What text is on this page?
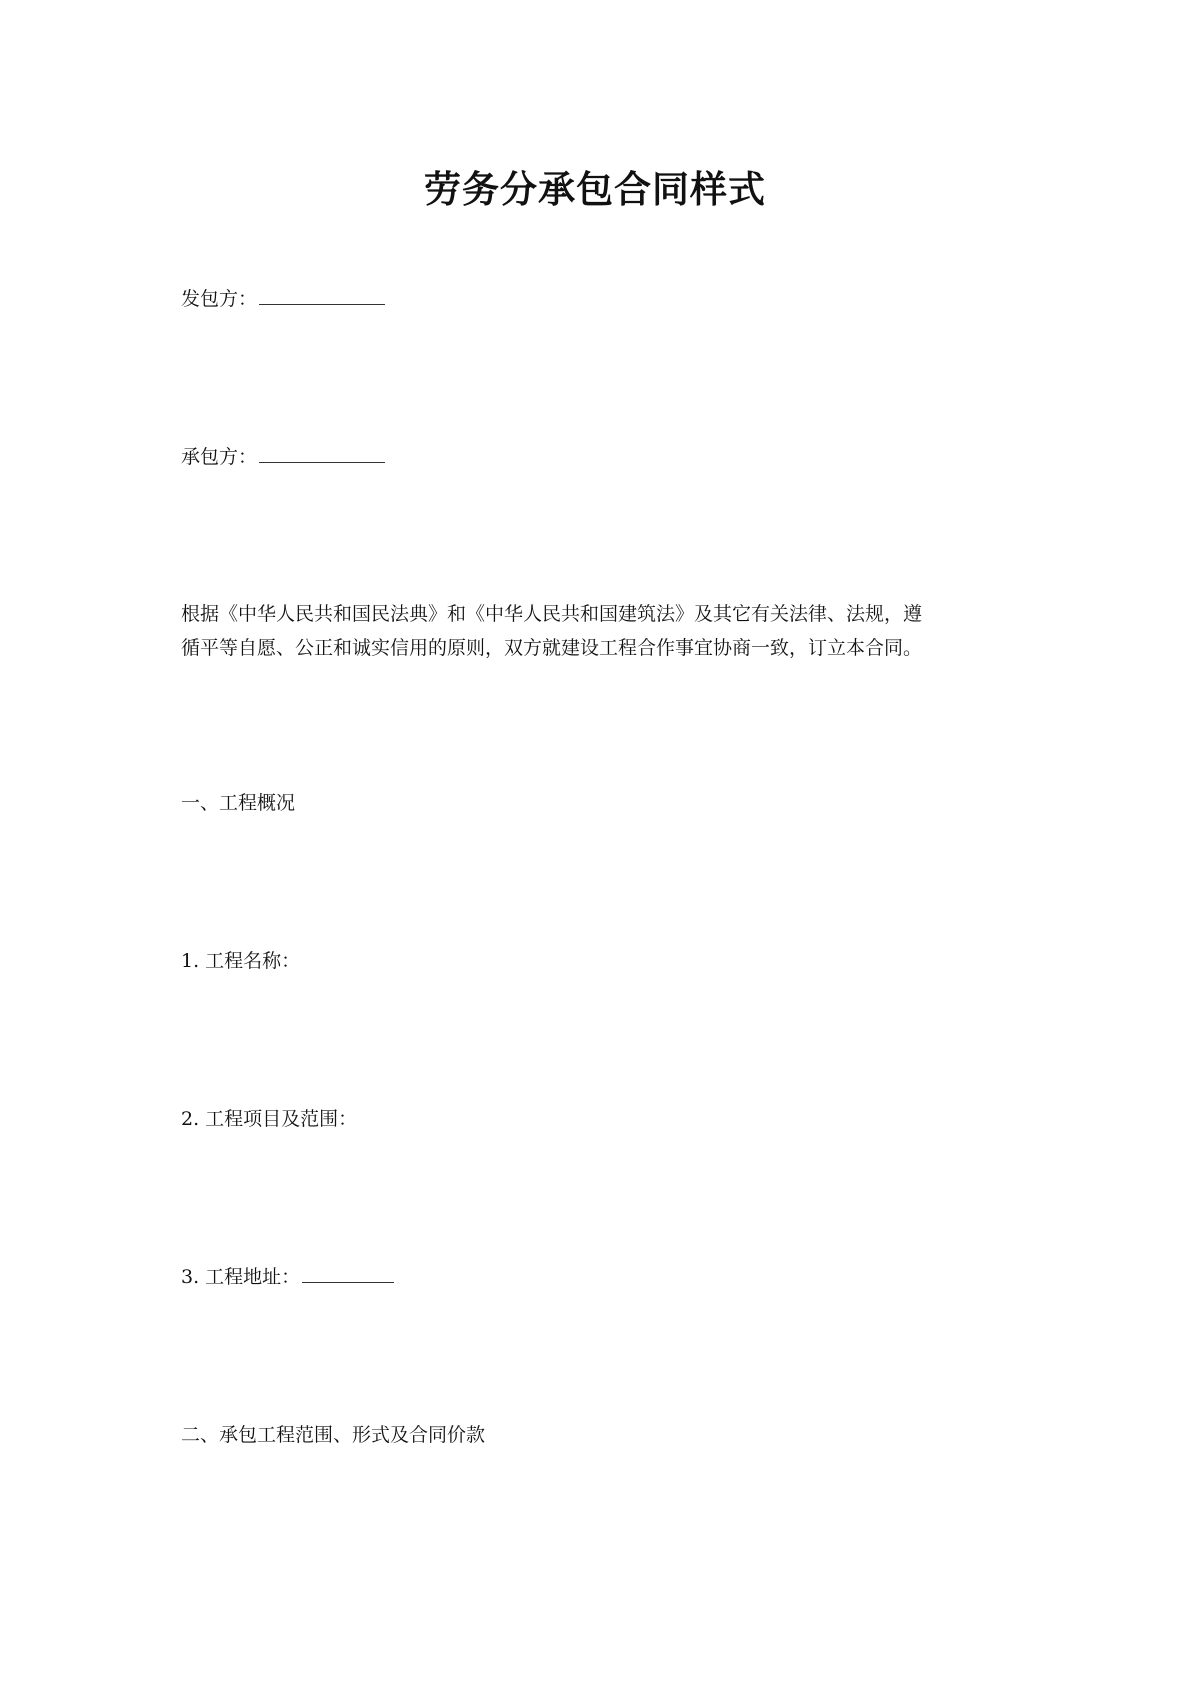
劳务分承包合同样式
发包方：
承包方：

根据《中华人民共和国民法典》和《中华人民共和国建筑法》及其它有关法律、法规，遵

循平等自愿、公正和诚实信用的原则，双方就建设工程合作事宜协商一致，订立本合同。

一、工程概况
1. 工程名称：
2. 工程项目及范围：
3. 工程地址：
二、承包工程范围、形式及合同价款
